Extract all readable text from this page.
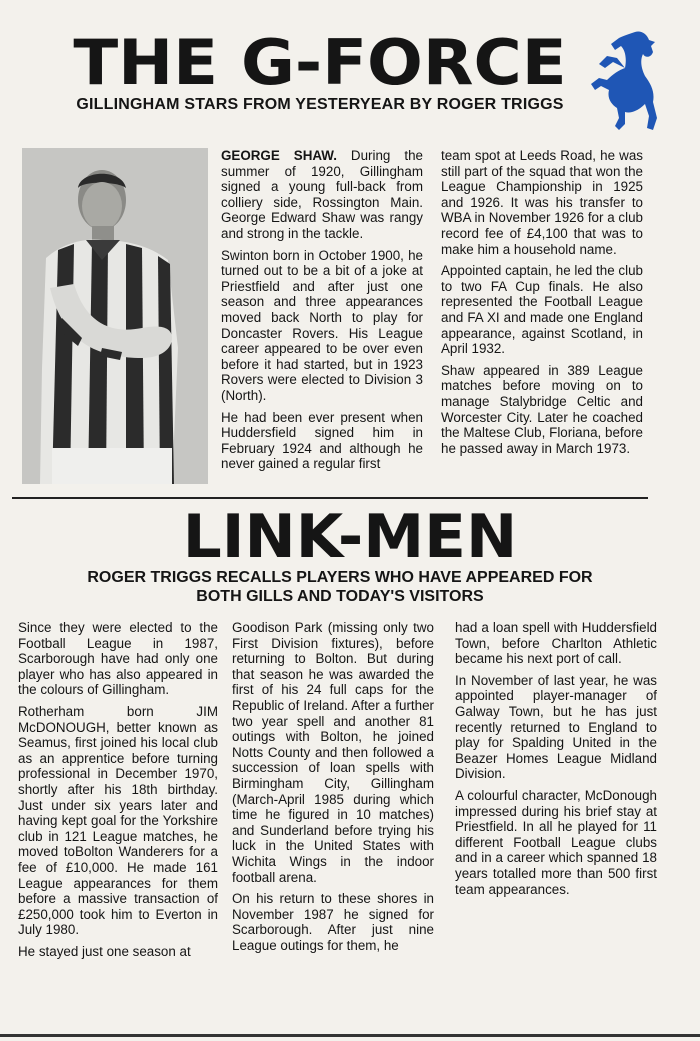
THE G-FORCE
GILLINGHAM STARS FROM YESTERYEAR BY ROGER TRIGGS

GEORGE SHAW. During the summer of 1920, Gillingham signed a young full-back from colliery side, Rossington Main. George Edward Shaw was rangy and strong in the tackle.

Swinton born in October 1900, he turned out to be a bit of a joke at Priestfield and after just one season and three appearances moved back North to play for Doncaster Rovers. His League career appeared to be over even before it had started, but in 1923 Rovers were elected to Division 3 (North).

He had been ever present when Huddersfield signed him in February 1924 and although he never gained a regular first

team spot at Leeds Road, he was still part of the squad that won the League Championship in 1925 and 1926. It was his transfer to WBA in November 1926 for a club record fee of £4,100 that was to make him a household name.

Appointed captain, he led the club to two FA Cup finals. He also represented the Football League and FA XI and made one England appearance, against Scotland, in April 1932.

Shaw appeared in 389 League matches before moving on to manage Stalybridge Celtic and Worcester City. Later he coached the Maltese Club, Floriana, before he passed away in March 1973.

LINK-MEN
ROGER TRIGGS RECALLS PLAYERS WHO HAVE APPEARED FOR
BOTH GILLS AND TODAY'S VISITORS

Since they were elected to the Football League in 1987, Scarborough have had only one player who has also appeared in the colours of Gillingham.

Rotherham born JIM McDONOUGH, better known as Seamus, first joined his local club as an apprentice before turning professional in December 1970, shortly after his 18th birthday. Just under six years later and having kept goal for the Yorkshire club in 121 League matches, he moved toBolton Wanderers for a fee of £10,000. He made 161 League appearances for them before a massive transaction of £250,000 took him to Everton in July 1980.

He stayed just one season at

Goodison Park (missing only two First Division fixtures), before returning to Bolton. But during that season he was awarded the first of his 24 full caps for the Republic of Ireland. After a further two year spell and another 81 outings with Bolton, he joined Notts County and then followed a succession of loan spells with Birmingham City, Gillingham (March-April 1985 during which time he figured in 10 matches) and Sunderland before trying his luck in the United States with Wichita Wings in the indoor football arena.

On his return to these shores in November 1987 he signed for Scarborough. After just nine League outings for them, he

had a loan spell with Huddersfield Town, before Charlton Athletic became his next port of call.

In November of last year, he was appointed player-manager of Galway Town, but he has just recently returned to England to play for Spalding United in the Beazer Homes League Midland Division.

A colourful character, McDonough impressed during his brief stay at Priestfield. In all he played for 11 different Football League clubs and in a career which spanned 18 years totalled more than 500 first team appearances.
